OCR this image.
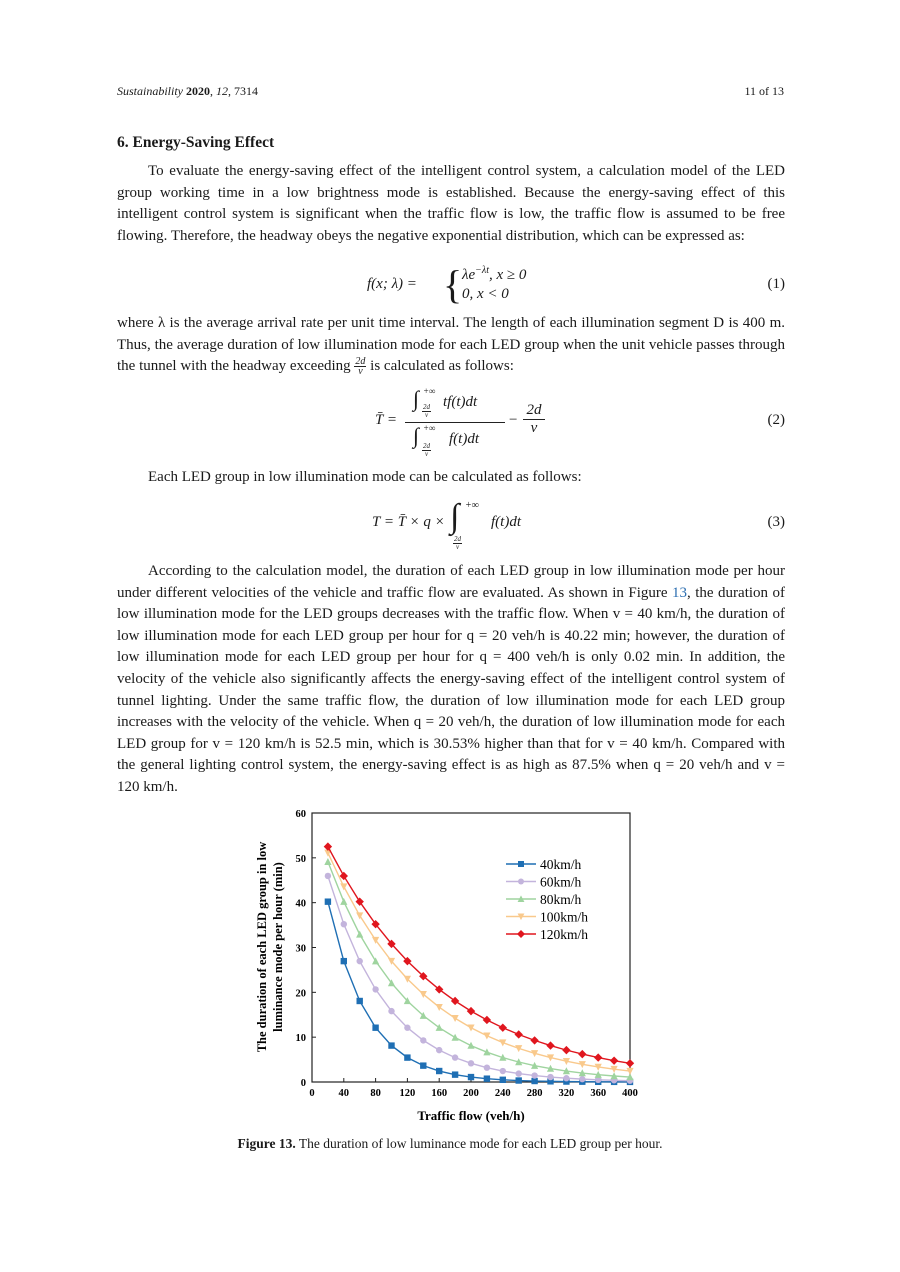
Sustainability 2020, 12, 7314	11 of 13
6. Energy-Saving Effect
To evaluate the energy-saving effect of the intelligent control system, a calculation model of the LED group working time in a low brightness mode is established. Because the energy-saving effect of this intelligent control system is significant when the traffic flow is low, the traffic flow is assumed to be free flowing. Therefore, the headway obeys the negative exponential distribution, which can be expressed as:
f(x; λ) = { $\lambda e^{-\lambda t}$, x ≥ 0
0, x < 0
(1)
where λ is the average arrival rate per unit time interval. The length of each illumination segment D is 400 m. Thus, the average duration of low illumination mode for each LED group when the unit vehicle passes through the tunnel with the headway exceeding $\frac{2d}{v}$ is calculated as follows:
T̄ = ∫ +∞
$\frac{2d}{v}$
tf(t)dt
∫ +∞
$\frac{2d}{v}$
$f(t)dt - \frac{2d}{v}$	(2)
Each LED group in low illumination mode can be calculated as follows:
T = T̄ × q × ∫ +∞
$\frac{2d}{v}$
f(t)dt	(3)
According to the calculation model, the duration of each LED group in low illumination mode per hour under different velocities of the vehicle and traffic flow are evaluated. As shown in Figure 13, the duration of low illumination mode for the LED groups decreases with the traffic flow. When v = 40 km/h, the duration of low illumination mode for each LED group per hour for q = 20 veh/h is 40.22 min; however, the duration of low illumination mode for each LED group per hour for q = 400 veh/h is only 0.02 min. In addition, the velocity of the vehicle also significantly affects the energy-saving effect of the intelligent control system of tunnel lighting. Under the same traffic flow, the duration of low illumination mode for each LED group increases with the velocity of the vehicle. When q = 20 veh/h, the duration of low illumination mode for each LED group for v = 120 km/h is 52.5 min, which is 30.53% higher than that for v = 40 km/h. Compared with the general lighting control system, the energy-saving effect is as high as 87.5% when q = 20 veh/h and v = 120 km/h.
0 40 80 120 160 200 240 280 320 360 400
0
10
20
30
40
50
60
40km/h
60km/h
80km/h
100km/h
120km/h
Traffic flow (veh/h)
The duration of each LED group in low luminance mode per hour (min)
Figure 13. The duration of low luminance mode for each LED group per hour.
